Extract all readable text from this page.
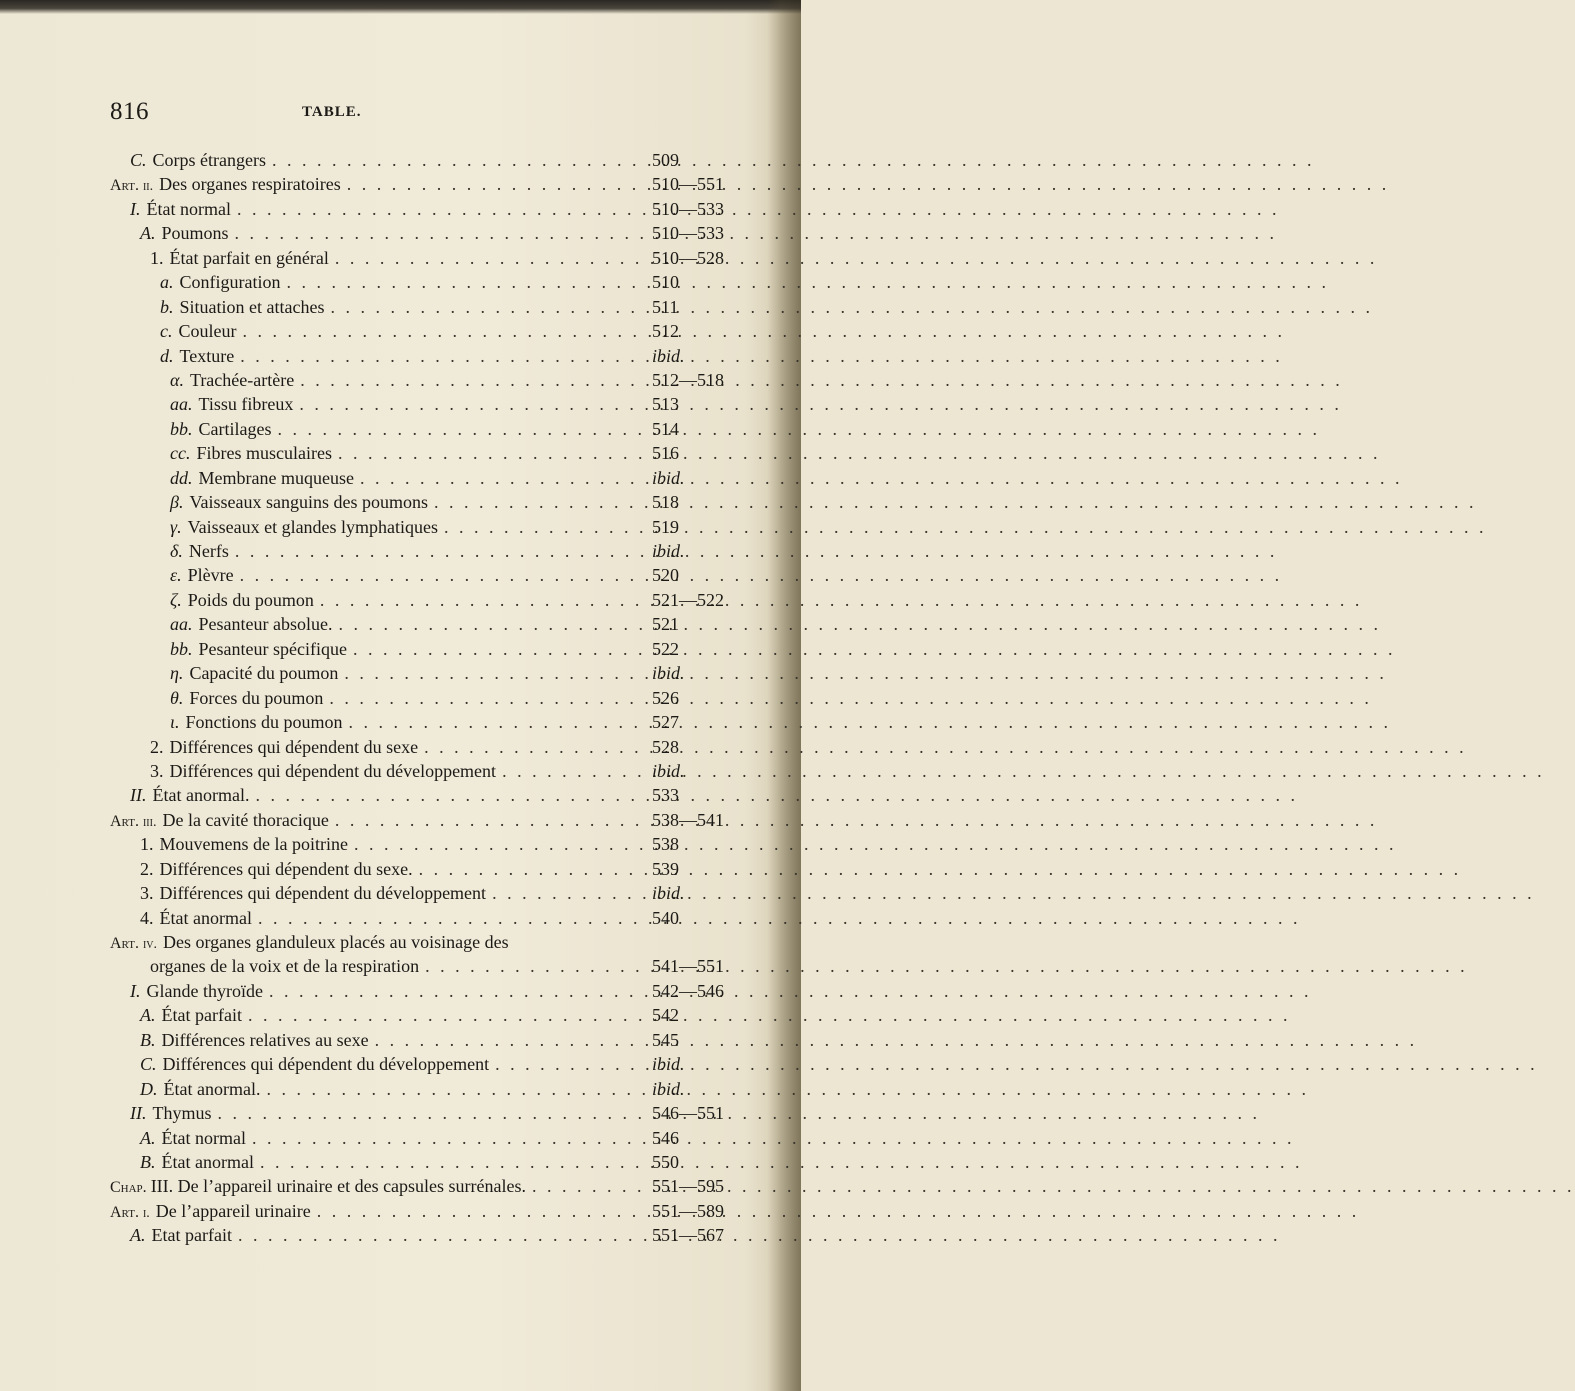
816	TABLE.
C. Corps étrangers . . .	509
Art. ii. Des organes respiratoires . . .	510—551
I. État normal . . .	510—533
A. Poumons . . .	510—533
1. État parfait en général . . .	510—528
a. Configuration . . .	510
b. Situation et attaches . . .	511
c. Couleur . . .	512
d. Texture . . .	ibid.
α. Trachée-artère . . .	512—518
aa. Tissu fibreux . . .	513
bb. Cartilages . . .	514
cc. Fibres musculaires . . .	516
dd. Membrane muqueuse . . .	ibid.
β. Vaisseaux sanguins des poumons . . .	518
γ. Vaisseaux et glandes lymphatiques . . .	519
δ. Nerfs . . .	ibid.
ε. Plèvre . . .	520
ζ. Poids du poumon . . .	521—522
aa. Pesanteur absolue. . . .	521
bb. Pesanteur spécifique . . .	522
η. Capacité du poumon . . .	ibid.
θ. Forces du poumon . . .	526
ι. Fonctions du poumon . . .	527
2. Différences qui dépendent du sexe . . .	528
3. Différences qui dépendent du développement . . .	ibid.
II. État anormal. . . .	533
Art. iii. De la cavité thoracique . . .	538—541
1. Mouvemens de la poitrine . . .	538
2. Différences qui dépendent du sexe. . . .	539
3. Différences qui dépendent du développement . . .	ibid.
4. État anormal . . .	540
Art. iv. Des organes glanduleux placés au voisinage des
organes de la voix et de la respiration . . .	541—551
I. Glande thyroïde . . .	542—546
A. État parfait . . .	542
B. Différences relatives au sexe . . .	545
C. Différences qui dépendent du développement . . .	ibid.
D. État anormal. . . .	ibid.
II. Thymus . . .	546—551
A. État normal . . .	546
B. État anormal . . .	550
Chap. III. De l’appareil urinaire et des capsules surrénales. . . .	551—595
Art. i. De l’appareil urinaire . . .	551—589
A. Etat parfait . . .	551—567
